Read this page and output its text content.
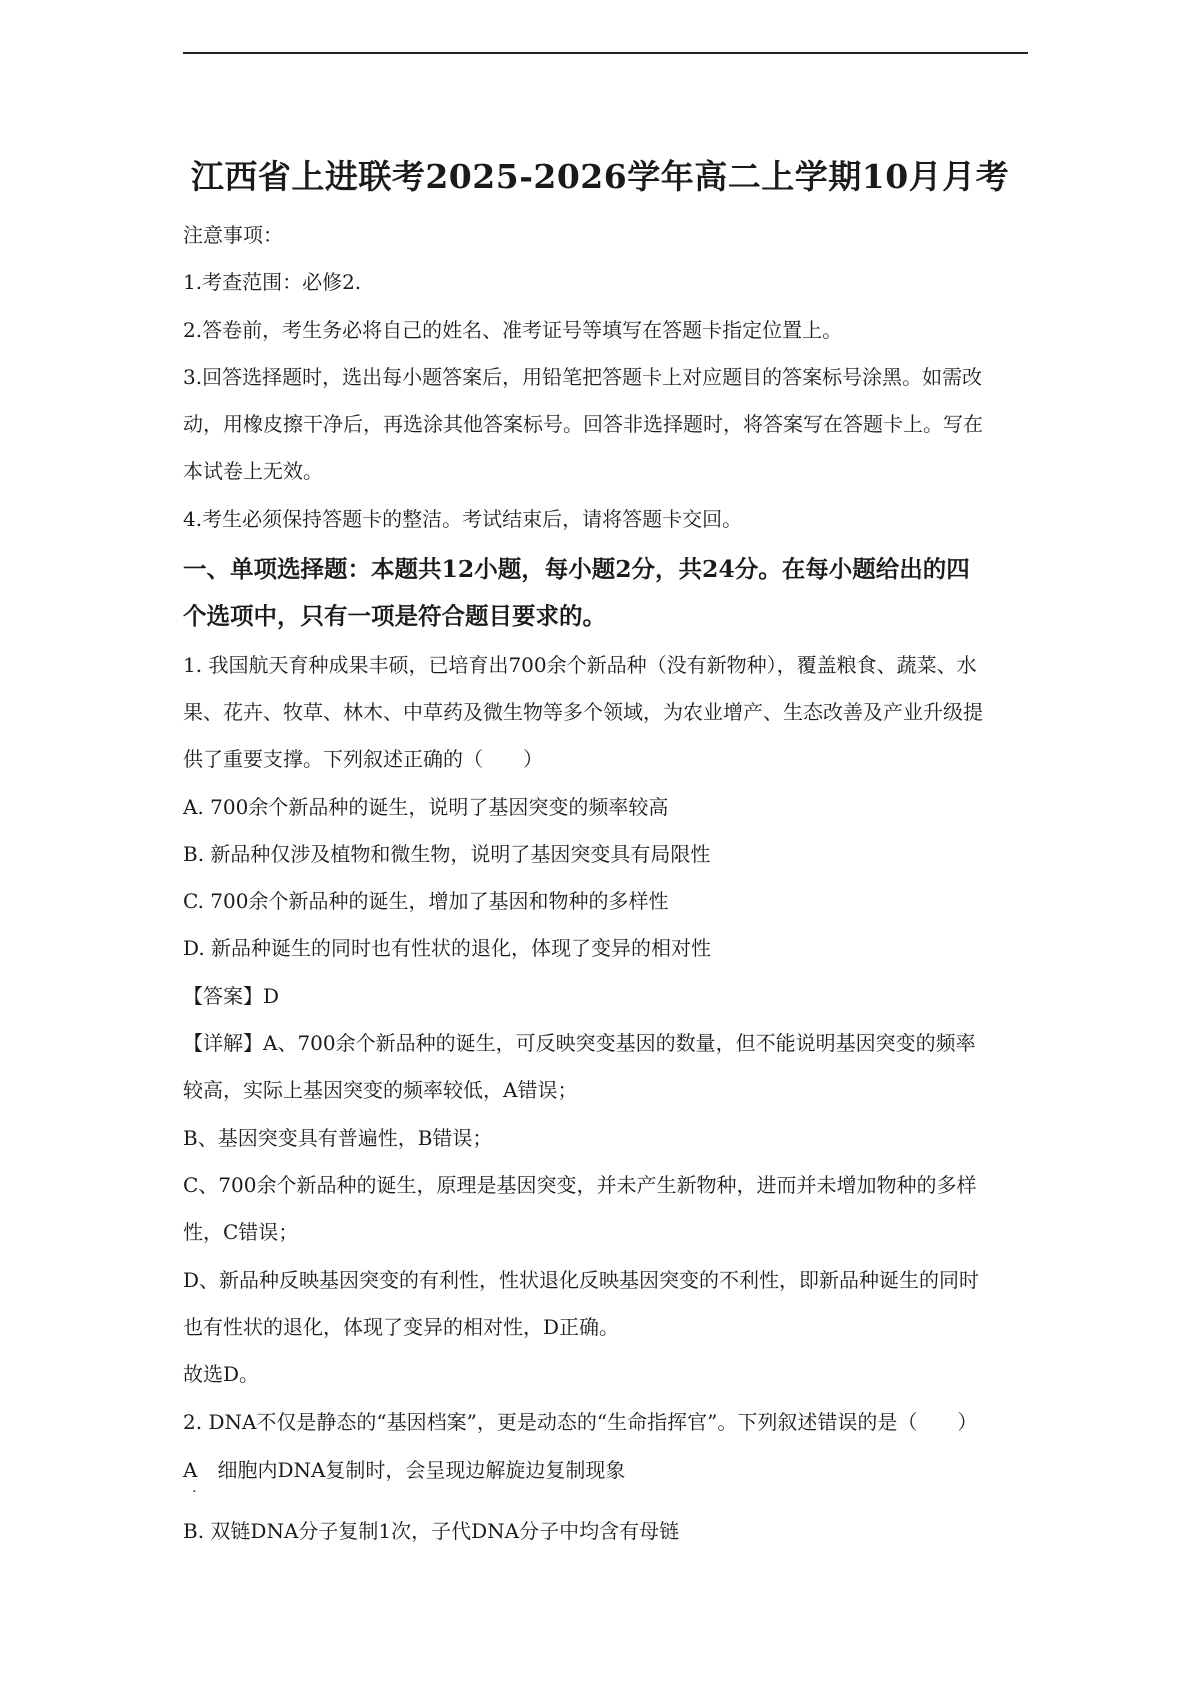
江西省上进联考2025-2026学年高二上学期10月月考
注意事项：
1.考查范围：必修2.
2.答卷前，考生务必将自己的姓名、准考证号等填写在答题卡指定位置上。
3.回答选择题时，选出每小题答案后，用铅笔把答题卡上对应题目的答案标号涂黑。如需改
动，用橡皮擦干净后，再选涂其他答案标号。回答非选择题时，将答案写在答题卡上。写在
本试卷上无效。
4.考生必须保持答题卡的整洁。考试结束后，请将答题卡交回。
一、单项选择题：本题共12小题，每小题2分，共24分。在每小题给出的四
个选项中，只有一项是符合题目要求的。
1. 我国航天育种成果丰硕，已培育出700余个新品种（没有新物种），覆盖粮食、蔬菜、水
果、花卉、牧草、林木、中草药及微生物等多个领域，为农业增产、生态改善及产业升级提
供了重要支撑。下列叙述正确的（　　）
A. 700余个新品种的诞生，说明了基因突变的频率较高
B. 新品种仅涉及植物和微生物，说明了基因突变具有局限性
C. 700余个新品种的诞生，增加了基因和物种的多样性
D. 新品种诞生的同时也有性状的退化，体现了变异的相对性
【答案】D
【详解】A、700余个新品种的诞生，可反映突变基因的数量，但不能说明基因突变的频率
较高，实际上基因突变的频率较低，A错误；
B、基因突变具有普遍性，B错误；
C、700余个新品种的诞生，原理是基因突变，并未产生新物种，进而并未增加物种的多样
性，C错误；
D、新品种反映基因突变的有利性，性状退化反映基因突变的不利性，即新品种诞生的同时
也有性状的退化，体现了变异的相对性，D正确。
故选D。
2. DNA不仅是静态的“基因档案”，更是动态的“生命指挥官”。下列叙述错误的是（　　）
A　细胞内DNA复制时，会呈现边解旋边复制现象
.
B. 双链DNA分子复制1次，子代DNA分子中均含有母链
